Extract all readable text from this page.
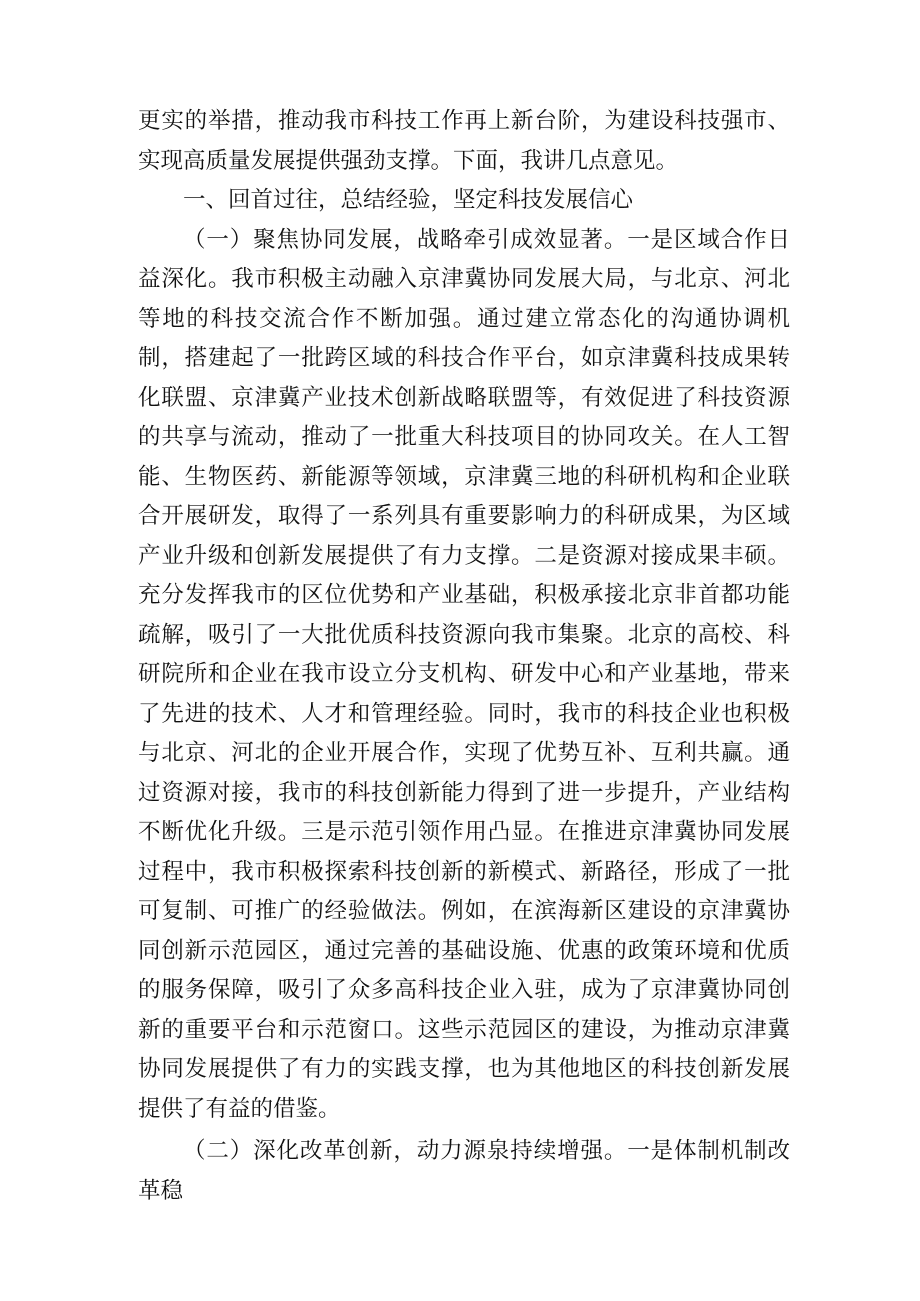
更实的举措，推动我市科技工作再上新台阶，为建设科技强市、实现高质量发展提供强劲支撑。下面，我讲几点意见。

一、回首过往，总结经验，坚定科技发展信心

（一）聚焦协同发展，战略牵引成效显著。一是区域合作日益深化。我市积极主动融入京津冀协同发展大局，与北京、河北等地的科技交流合作不断加强。通过建立常态化的沟通协调机制，搭建起了一批跨区域的科技合作平台，如京津冀科技成果转化联盟、京津冀产业技术创新战略联盟等，有效促进了科技资源的共享与流动，推动了一批重大科技项目的协同攻关。在人工智能、生物医药、新能源等领域，京津冀三地的科研机构和企业联合开展研发，取得了一系列具有重要影响力的科研成果，为区域产业升级和创新发展提供了有力支撑。二是资源对接成果丰硕。充分发挥我市的区位优势和产业基础，积极承接北京非首都功能疏解，吸引了一大批优质科技资源向我市集聚。北京的高校、科研院所和企业在我市设立分支机构、研发中心和产业基地，带来了先进的技术、人才和管理经验。同时，我市的科技企业也积极与北京、河北的企业开展合作，实现了优势互补、互利共赢。通过资源对接，我市的科技创新能力得到了进一步提升，产业结构不断优化升级。三是示范引领作用凸显。在推进京津冀协同发展过程中，我市积极探索科技创新的新模式、新路径，形成了一批可复制、可推广的经验做法。例如，在滨海新区建设的京津冀协同创新示范园区，通过完善的基础设施、优惠的政策环境和优质的服务保障，吸引了众多高科技企业入驻，成为了京津冀协同创新的重要平台和示范窗口。这些示范园区的建设，为推动京津冀协同发展提供了有力的实践支撑，也为其他地区的科技创新发展提供了有益的借鉴。

（二）深化改革创新，动力源泉持续增强。一是体制机制改革稳
